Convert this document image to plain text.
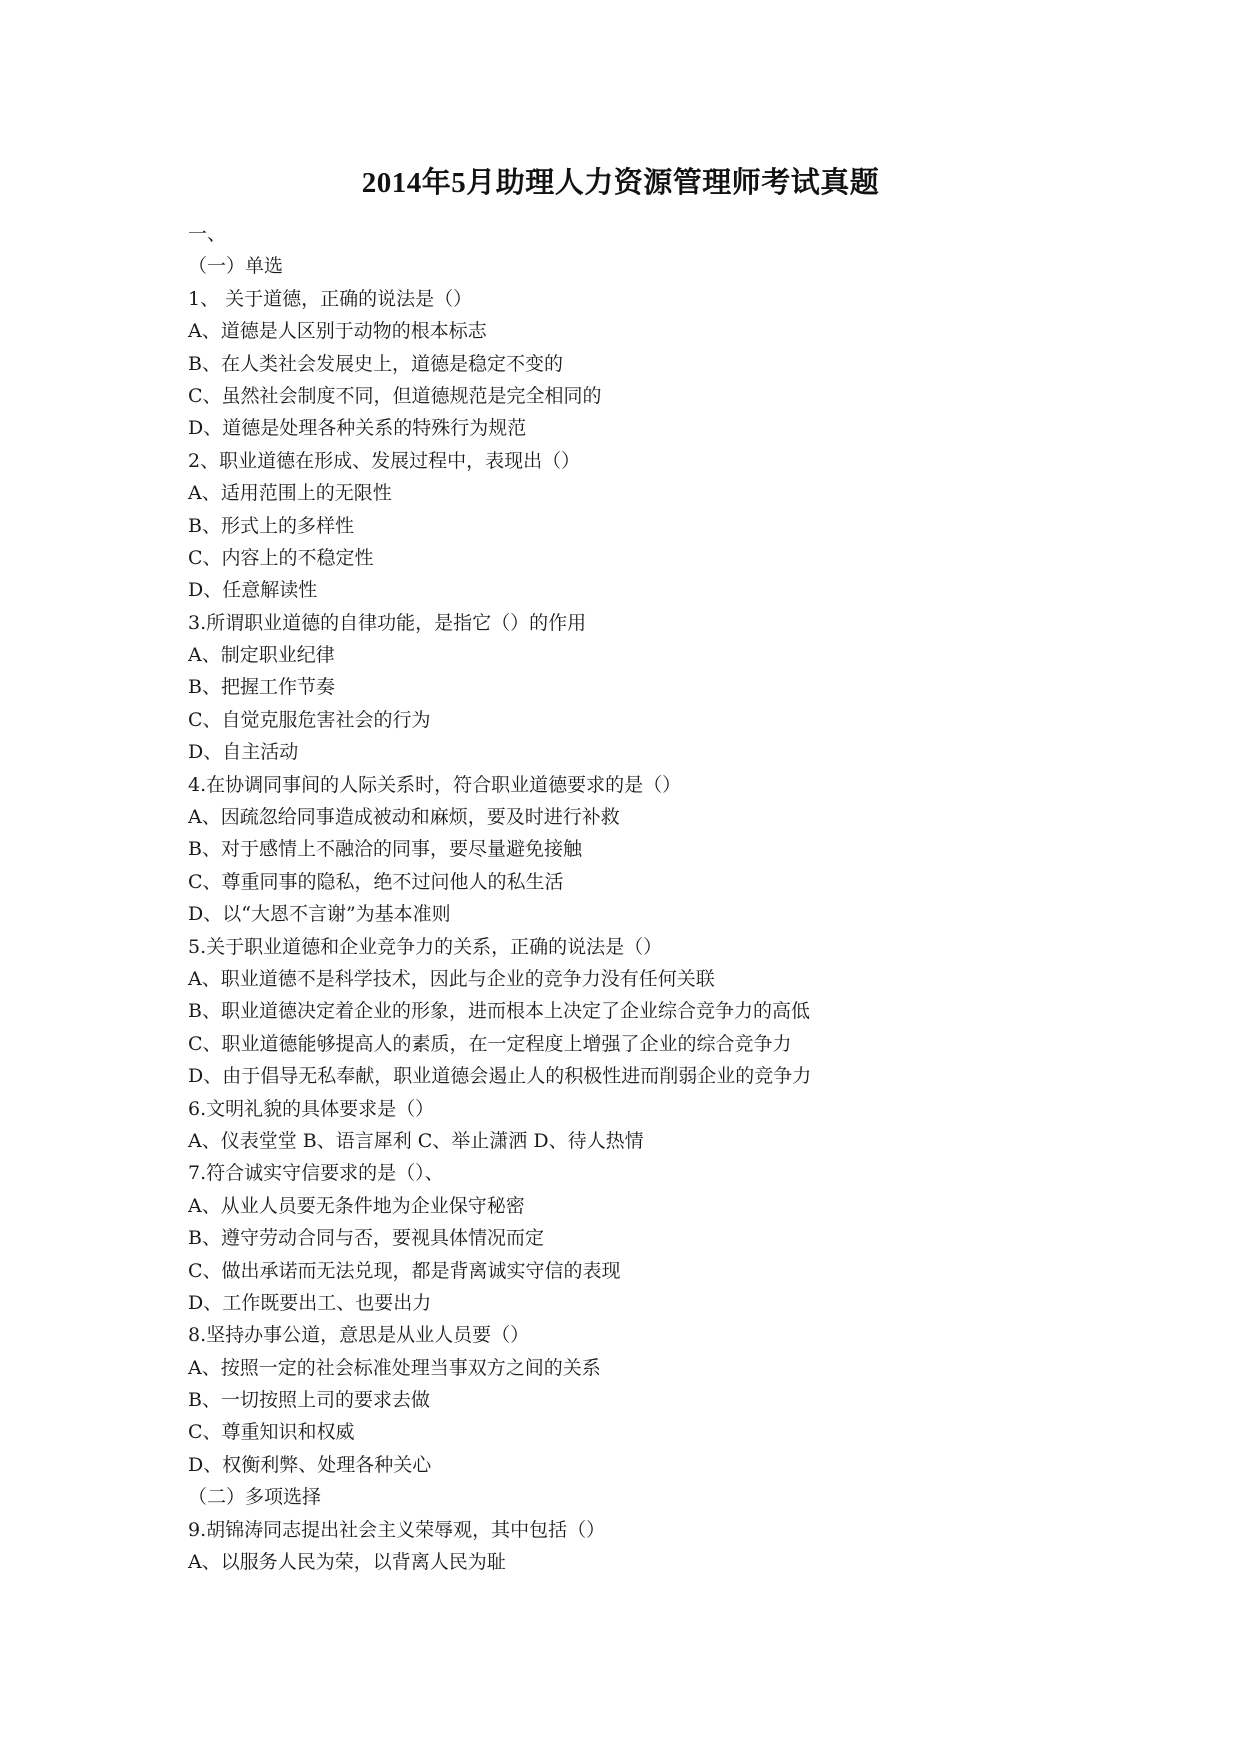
2014年5月助理人力资源管理师考试真题
一、
（一）单选
1、 关于道德，正确的说法是（）
A、道德是人区别于动物的根本标志
B、在人类社会发展史上，道德是稳定不变的
C、虽然社会制度不同，但道德规范是完全相同的
D、道德是处理各种关系的特殊行为规范
2、职业道德在形成、发展过程中，表现出（）
A、适用范围上的无限性
B、形式上的多样性
C、内容上的不稳定性
D、任意解读性
3.所谓职业道德的自律功能，是指它（）的作用
A、制定职业纪律
B、把握工作节奏
C、自觉克服危害社会的行为
D、自主活动
4.在协调同事间的人际关系时，符合职业道德要求的是（）
A、因疏忽给同事造成被动和麻烦，要及时进行补救
B、对于感情上不融洽的同事，要尽量避免接触
C、尊重同事的隐私，绝不过问他人的私生活
D、以“大恩不言谢”为基本准则
5.关于职业道德和企业竞争力的关系，正确的说法是（）
A、职业道德不是科学技术，因此与企业的竞争力没有任何关联
B、职业道德决定着企业的形象，进而根本上决定了企业综合竞争力的高低
C、职业道德能够提高人的素质，在一定程度上增强了企业的综合竞争力
D、由于倡导无私奉献，职业道德会遏止人的积极性进而削弱企业的竞争力
6.文明礼貌的具体要求是（）
A、仪表堂堂 B、语言犀利 C、举止潇洒 D、待人热情
7.符合诚实守信要求的是（）、
A、从业人员要无条件地为企业保守秘密
B、遵守劳动合同与否，要视具体情况而定
C、做出承诺而无法兑现，都是背离诚实守信的表现
D、工作既要出工、也要出力
8.坚持办事公道，意思是从业人员要（）
A、按照一定的社会标准处理当事双方之间的关系
B、一切按照上司的要求去做
C、尊重知识和权威
D、权衡利弊、处理各种关心
（二）多项选择
9.胡锦涛同志提出社会主义荣辱观，其中包括（）
A、以服务人民为荣，以背离人民为耻
